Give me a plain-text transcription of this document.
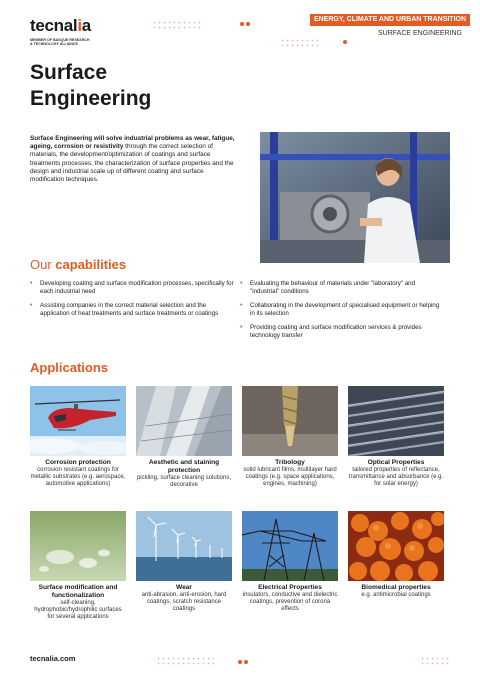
tecnalia
MEMBER OF BASQUE RESEARCH
& TECHNOLOGY ALLIANCE
ENERGY, CLIMATE AND URBAN TRANSITION
SURFACE ENGINEERING
Surface
Engineering

Surface Engineering will solve industrial problems as wear, fatigue, ageing, corrosion or resistivity through the correct selection of materials, the development/optimization of coatings and surface treatments processes, the characterization of surface properties and the design and industrial scale up of different coating and surface modification techniques.

Our capabilities
• Developing coating and surface modification processes, specifically for each industrial need
• Assisting companies in the correct material selection and the application of heat treatments and surface treatments or coatings
• Evaluating the behaviour of materials under "laboratory" and "industrial" conditions
• Collaborating in the development of specialised equipment or helping in its selection
• Providing coating and surface modification services & provides technology transfer
Applications
Corrosion protection
corrosion resistant coatings for metallic substrates (e.g. aerospace, automotive applications)
Aesthetic and staining protection
pickling, surface cleaning solutions, decorative
Tribology
solid lubricant films, multilayer hard coatings (e.g. space applications, engines, machining)
Optical Properties
tailored properties of reflectance, transmittance and absorbance (e.g. for solar energy)
Surface modification and functionalization
self-cleaning, hydrophobic/hydrophilic surfaces for several applications
Wear
anti-abrasion, anti-erosion, hard coatings, scratch resistance coatings
Electrical Properties
insulators, conductive and dielectric coatings, prevention of corona effects
Biomedical properties
e.g. antimicrobial coatings
tecnalia.com
